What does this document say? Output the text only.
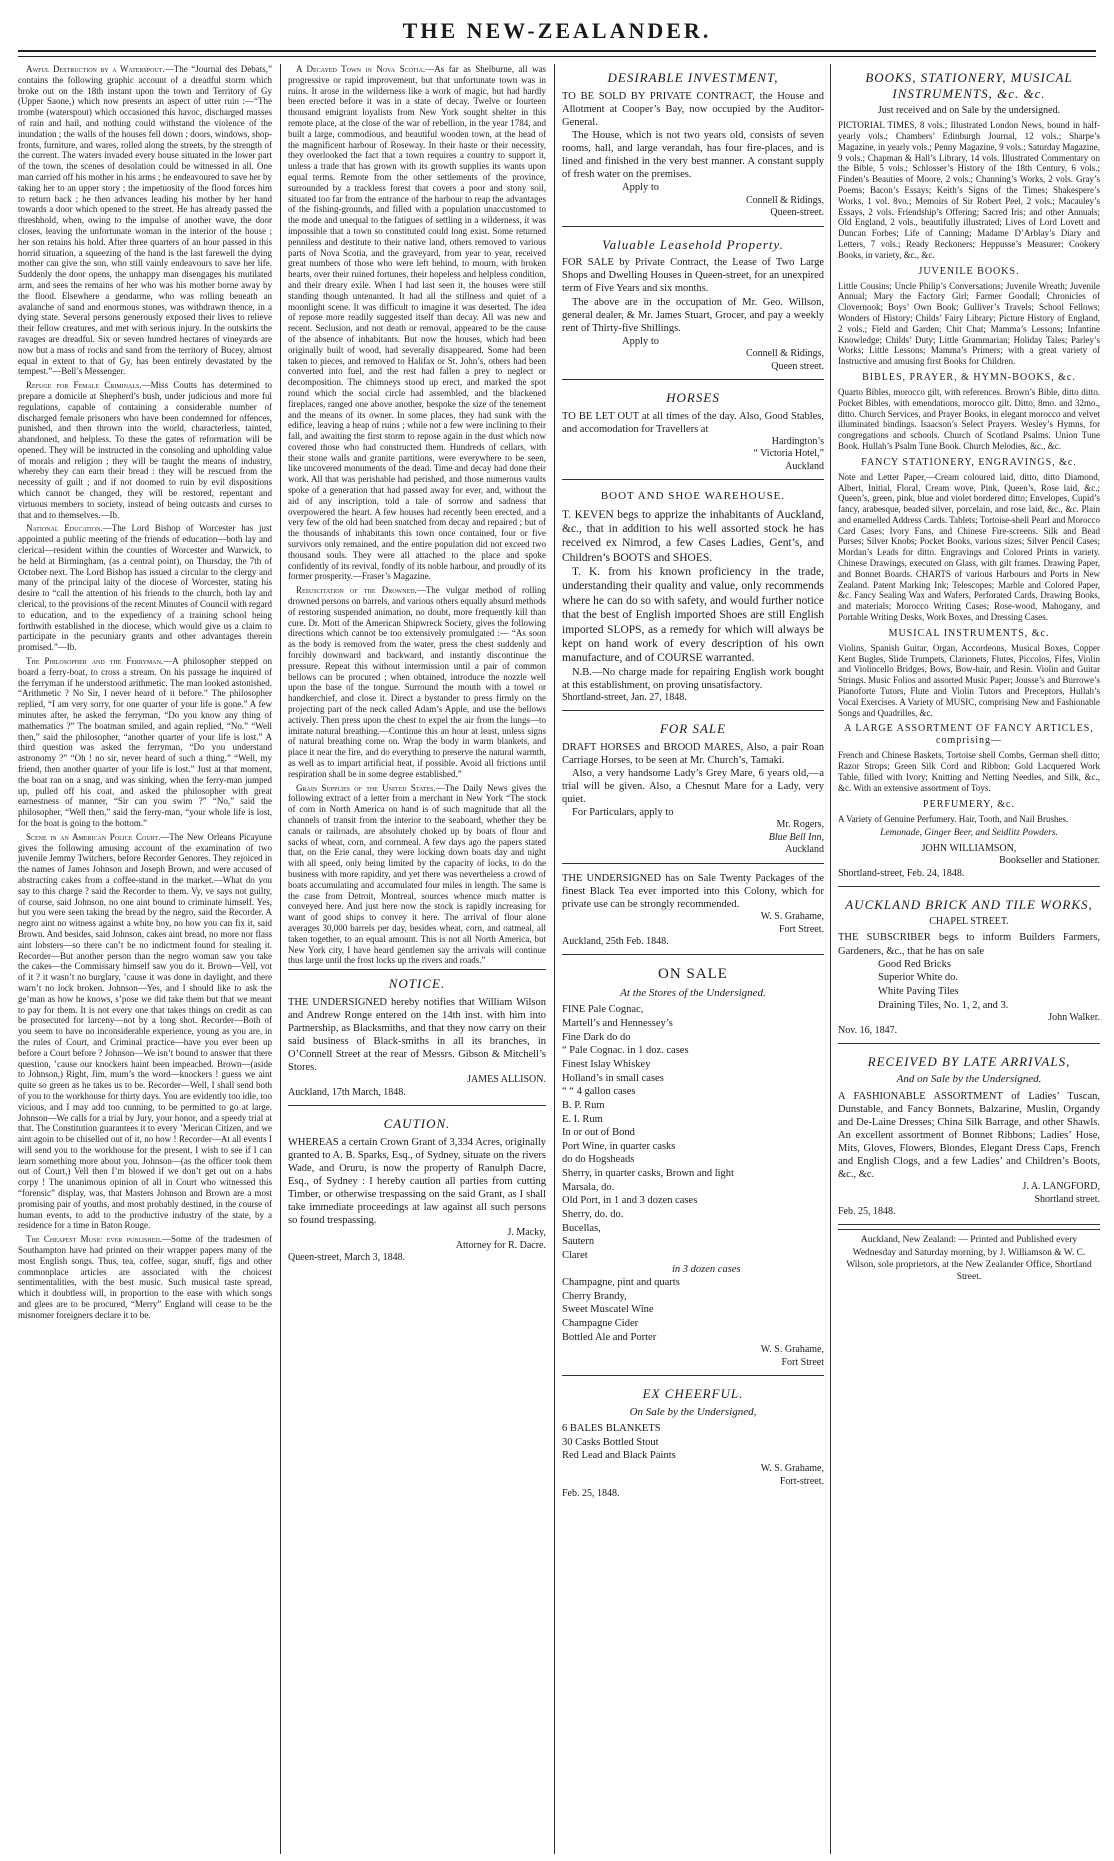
THE NEW-ZEALANDER.

Awful Destruction by a Waterspout.—The “Journal des Debats,” contains the following graphic account of a dreadful storm which broke out on the 18th instant upon the town and Territory of Gy (Upper Saone,) which now presents an aspect of utter ruin :—“The trombe (waterspout) which occasioned this havoc, discharged masses of rain and hail, and nothing could withstand the violence of the inundation ; the walls of the houses fell down ; doors, windows, shop-fronts, furniture, and wares, rolled along the streets, by the strength of the current. The waters invaded every house situated in the lower part of the town, the scenes of desolation could be witnessed in all. One man carried off his mother in his arms ; he endeavoured to save her by taking her to an upper story ; the impetuosity of the flood forces him to return back ; he then advances leading his mother by her hand towards a door which opened to the street. He has already passed the threshhold, when, owing to the impulse of another wave, the door closes, leaving the unfortunate woman in the interior of the house ; her son retains his hold. After three quarters of an hour passed in this horrid situation, a squeezing of the hand is the last farewell the dying mother can give the son, who still vainly endeavours to save her life. Suddenly the door opens, the unhappy man disengages his mutilated arm, and sees the remains of her who was his mother borne away by the flood. Elsewhere a gendarme, who was rolling beneath an avalanche of sand and enormous stones, was withdrawn thence, in a dying state. Several persons generously exposed their lives to relieve their fellow creatures, and met with serious injury. In the outskirts the ravages are dreadful. Six or seven hundred hectares of vineyards are now but a mass of rocks and sand from the territory of Bucey, almost equal in extent to that of Gy, has been entirely devastated by the tempest.”—Bell’s Messenger.

Refuge for Female Criminals.—Miss Coutts has determined to prepare a domicile at Shepherd’s bush, under judicious and more ful regulations, capable of containing a considerable number of discharged female prisoners who have been condemned for offences, punished, and then thrown into the world, characterless, tainted, abandoned, and helpless. To these the gates of reformation will be opened. They will be instructed in the consoling and upholding value of morals and religion ; they will be taught the means of industry, whereby they can earn their bread : they will be rescued from the necessity of guilt ; and if not doomed to ruin by evil dispositions which cannot be changed, they will be restored, repentant and virtuous members to society, instead of being outcasts and curses to that and to themselves.—Ib.

National Education.—The Lord Bishop of Worcester has just appointed a public meeting of the friends of education—both lay and clerical—resident within the counties of Worcester and Warwick, to be held at Birmingham, (as a central point), on Thursday, the 7th of October next. The Lord Bishop has issued a circular to the clergy and many of the principal laity of the diocese of Worcester, stating his desire to “call the attention of his friends to the church, both lay and clerical, to the provisions of the recent Minutes of Council with regard to education, and to the expediency of a training school being forthwith established in the diocese, which would give us a claim to participate in the pecuniary grants and other advantages therein promised.”—Ib.

The Philosopher and the Ferryman.—A philosopher stepped on board a ferry-boat, to cross a stream. On his passage he inquired of the ferryman if he understood arithmetic. The man looked astonished. “Arithmetic ? No Sir, I never heard of it before.” The philosopher replied, “I am very sorry, for one quarter of your life is gone.” A few minutes after, he asked the ferryman, “Do you know any thing of mathematics ?” The boatman smiled, and again replied, “No.” “Well then,” said the philosopher, “another quarter of your life is lost.” A third question was asked the ferryman, “Do you understand astronomy ?” “Oh ! no sir, never heard of such a thing.” “Well, my friend, then another quarter of your life is lost.” Just at that moment, the boat ran on a snag, and was sinking, when the ferry-man jumped up, pulled off his coat, and asked the philosopher with great earnestness of manner, “Sir can you swim ?” “No,” said the philosopher, “Well then,” said the ferry-man, “your whole life is lost, for the boat is going to the bottom.”

Scene in an American Police Court.—The New Orleans Picayune gives the following amusing account of the examination of two juvenile Jemmy Twitchers, before Recorder Genores. They rejoiced in the names of James Johnson and Joseph Brown, and were accused of abstracting cakes from a coffee-stand in the market.—What do you say to this charge ? said the Recorder to them. Vy, ve says not guilty, of course, said Johnson, no one aint bound to criminate himself. Yes, but you were seen taking the bread by the negro, said the Recorder. A negro aint no witness against a white boy, no how you can fix it, said Brown. And besides, said Johnson, cakes aint bread, no more nor flass aint lobsters—so there can’t be no indictment found for stealing it. Recorder—But another person than the negro woman saw you take the cakes—the Commissary himself saw you do it. Brown—Vell, vot of it ? it wasn’t no burglary, ’cause it was done in daylight, and there warn’t no lock broken. Johnson—Yes, and I should like to ask the ge’man as how he knows, s’pose we did take them but that we meant to pay for them. It is not every one that takes things on credit as can be prosecuted for larceny—not by a long shot. Recorder—Both of you seem to have no inconsiderable experience, young as you are, in the rules of Court, and Criminal practice—have you ever been up before a Court before ? Johnson—We isn’t bound to answer that there question, ’cause our knockers haint been impeached. Brown—(aside to Johnson,) Right, Jim, mum’s the word—knockers ! guess we aint quite so green as he takes us to be. Recorder—Well, I shall send both of you to the workhouse for thirty days. You are evidently too idle, too vicious, and I may add too cunning, to be permitted to go at large. Johnson—We calls for a trial by Jury, your honor, and a speedy trial at that. The Constitution guarantees it to every ’Merican Citizen, and we aint agoin to be chiselled out of it, no how ! Recorder—At all events I will send you to the workhouse for the present, I wish to see if I can learn something more about you. Johnson—(as the officer took them out of Court,) Vell then I’m blowed if we don’t get out on a habs corpy ! The unanimous opinion of all in Court who witnessed this “forensic” display, was, that Masters Johnson and Brown are a most promising pair of youths, and most probably destined, in the course of human events, to add to the productive industry of the state, by a residence for a time in Baton Rouge.

The Cheapest Music ever published.—Some of the tradesmen of Southampton have had printed on their wrapper papers many of the most English songs. Thus, tea, coffee, sugar, snuff, figs and other commonplace articles are associated with the choicest sentimentalities, with the best music. Such musical taste spread, which it doubtless will, in proportion to the ease with which songs and glees are to be procured, “Merry” England will cease to be the misnomer foreigners declare it to be.

A Decayed Town in Nova Scotia.—As far as Shelburne, all was progressive or rapid improvement, but that unfortunate town was in ruins. It arose in the wilderness like a work of magic, but had hardly been erected before it was in a state of decay. Twelve or fourteen thousand emigrant loyalists from New York sought shelter in this remote place, at the close of the war of rebellion, in the year 1784, and built a large, commodious, and beautiful wooden town, at the head of the magnificent harbour of Roseway. In their haste or their necessity, they overlooked the fact that a town requires a country to support it, unless a trade that has grown with its growth supplies its wants upon equal terms. Remote from the other settlements of the province, surrounded by a trackless forest that covers a poor and stony soil, situated too far from the entrance of the harbour to reap the advantages of the fishing-grounds, and filled with a population unaccustomed to the mode and unequal to the fatigues of settling in a wilderness, it was impossible that a town so constituted could long exist. Some returned penniless and destitute to their native land, others removed to various parts of Nova Scotia, and the graveyard, from year to year, received great numbers of those who were left behind, to mourn, with broken hearts, over their ruined fortunes, their hopeless and helpless condition, and their dreary exile. When I had last seen it, the houses were still standing though untenanted. It had all the stillness and quiet of a moonlight scene. It was difficult to imagine it was deserted. The idea of repose more readily suggested itself than decay. All was new and recent. Seclusion, and not death or removal, appeared to be the cause of the absence of inhabitants. But now the houses, which had been originally built of wood, had severally disappeared. Some had been taken to pieces, and removed to Halifax or St. John’s, others had been converted into fuel, and the rest had fallen a prey to neglect or decomposition. The chimneys stood up erect, and marked the spot round which the social circle had assembled, and the blackened fireplaces, ranged one above another, bespoke the size of the tenement and the means of its owner. In some places, they had sunk with the edifice, leaving a heap of ruins ; while not a few were inclining to their fall, and awaiting the first storm to repose again in the dust which now covered those who had constructed them. Hundreds of cellars, with their stone walls and granite partitions, were everywhere to be seen, like uncovered monuments of the dead. Time and decay had done their work. All that was perishable had perished, and those numerous vaults spoke of a generation that had passed away for ever, and, without the aid of any inscription, told a tale of sorrow and sadness that overpowered the heart. A few houses had recently been erected, and a very few of the old had been snatched from decay and repaired ; but of the thousands of inhabitants this town once contained, four or five survivors only remained, and the entire population did not exceed two thousand souls. They were all attached to the place and spoke confidently of its revival, fondly of its noble harbour, and proudly of its former prosperity.—Fraser’s Magazine.

Resuscitation of the Drowned.—The vulgar method of rolling drowned persons on barrels, and various others equally absurd methods of restoring suspended animation, no doubt, more frequently kill than cure. Dr. Mott of the American Shipwreck Society, gives the following directions which cannot be too extensively promulgated :— “As soon as the body is removed from the water, press the chest suddenly and forcibly downward and backward, and instantly discontinue the pressure. Repeat this without intermission until a pair of common bellows can be procured ; when obtained, introduce the nozzle well upon the base of the tongue. Surround the mouth with a towel or handkerchief, and close it. Direct a bystander to press firmly on the projecting part of the neck called Adam’s Apple, and use the bellows actively. Then press upon the chest to expel the air from the lungs—to imitate natural breathing.—Continue this an hour at least, unless signs of natural breathing come on. Wrap the body in warm blankets, and place it near the fire, and do everything to preserve the natural warmth, as well as to impart artificial heat, if possible. Avoid all frictions until respiration shall be in some degree established.”

Grain Supplies of the United States.—The Daily News gives the following extract of a letter from a merchant in New York “The stock of corn in North America on hand is of such magnitude that all the channels of transit from the interior to the seaboard, whether they be canals or railroads, are absolutely choked up by boats of flour and sacks of wheat, corn, and cornmeal. A few days ago the papers stated that, on the Erie canal, they were locking down boats day and night with all speed, only being limited by the capacity of locks, to do the business with more rapidity, and yet there was nevertheless a crowd of boats accumulating and accumulated four miles in length. The same is the case from Detroit, Montreal, sources whence much matter is conveyed here. And just here now the stock is rapidly increasing for want of good ships to convey it here. The arrival of flour alone averages 30,000 barrels per day, besides wheat, corn, and oatmeal, all taken together, to an equal amount. This is not all North America, but New York city, I have heard gentlemen say the arrivals will continue thus large until the frost locks up the rivers and roads.”

NOTICE.
THE UNDERSIGNED hereby notifies that William Wilson and Andrew Ronge entered on the 14th inst. with him into Partnership, as Blacksmiths, and that they now carry on their said business of Black-smiths in all its branches, in O’Connell Street at the rear of Messrs. Gibson & Mitchell’s Stores.
JAMES ALLISON.
Auckland, 17th March, 1848.
CAUTION.
WHEREAS a certain Crown Grant of 3,334 Acres, originally granted to A. B. Sparks, Esq., of Sydney, situate on the rivers Wade, and Oruru, is now the property of Ranulph Dacre, Esq., of Sydney : I hereby caution all parties from cutting Timber, or otherwise trespassing on the said Grant, as I shall take immediate proceedings at law against all such persons so found trespassing.
J. Macky,
Attorney for R. Dacre.
Queen-street, March 3, 1848.
DESIRABLE INVESTMENT,
TO BE SOLD BY PRIVATE CONTRACT, the House and Allotment at Cooper’s Bay, now occupied by the Auditor-General.
The House, which is not two years old, consists of seven rooms, hall, and large verandah, has four fire-places, and is lined and finished in the very best manner. A constant supply of fresh water on the premises.
Apply to
Connell & Ridings,
Queen-street.
Valuable Leasehold Property.
FOR SALE by Private Contract, the Lease of Two Large Shops and Dwelling Houses in Queen-street, for an unexpired term of Five Years and six months.
The above are in the occupation of Mr. Geo. Willson, general dealer, & Mr. James Stuart, Grocer, and pay a weekly rent of Thirty-five Shillings.
Apply to
Connell & Ridings,
Queen street.
HORSES
TO BE LET OUT at all times of the day. Also, Good Stables, and accomodation for Travellers at
Hardington’s
“ Victoria Hotel,”
Auckland
BOOT AND SHOE WAREHOUSE.
T. KEVEN begs to apprize the inhabitants of Auckland, &c., that in addition to his well assorted stock he has received ex Nimrod, a few Cases Ladies, Gent’s, and Children’s BOOTS and SHOES.
T. K. from his known proficiency in the trade, understanding their quality and value, only recommends where he can do so with safety, and would further notice that the best of English imported Shoes are still English imported SLOPS, as a remedy for which will always be kept on hand work of every description of his own manufacture, and of COURSE warranted.
N.B.—No charge made for repairing English work bought at this establishment, on proving unsatisfactory.
Shortland-street, Jan. 27, 1848.
FOR SALE
DRAFT HORSES and BROOD MARES, Also, a pair Roan Carriage Horses, to be seen at Mr. Church’s, Tamaki.
Also, a very handsome Lady’s Grey Mare, 6 years old,—a trial will be given. Also, a Chesnut Mare for a Lady, very quiet.
For Particulars, apply to
Mr. Rogers,
Blue Bell Inn,
Auckland
THE UNDERSIGNED has on Sale Twenty Packages of the finest Black Tea ever imported into this Colony, which for private use can be strongly recommended.
W. S. Grahame,
Fort Street.
Auckland, 25th Feb. 1848.
ON SALE
At the Stores of the Undersigned.
FINE Pale Cognac,
Martell’s and Hennessey’s
Fine Dark do do
“ Pale Cognac. in 1 doz. cases
Finest Islay Whiskey
Holland’s in small cases
“ “ 4 gallon cases
B. P. Rum
E. I. Rum
In or out of Bond
Port Wine, in quarter casks
do do Hogsheads
Sherry, in quarter casks, Brown and light
Marsala, do.
Old Port, in 1 and 3 dozen cases
Sherry, do. do.
Bucellas,
Sautern
Claret
in 3 dozen cases
Champagne, pint and quarts
Cherry Brandy,
Sweet Muscatel Wine
Champagne Cider
Bottled Ale and Porter
W. S. Grahame,
Fort Street
EX CHEERFUL.
On Sale by the Undersigned,
6 BALES BLANKETS
30 Casks Bottled Stout
Red Lead and Black Paints
W. S. Grahame,
Fort-street.
Feb. 25, 1848.
BOOKS, STATIONERY, MUSICAL INSTRUMENTS, &c. &c.
Just received and on Sale by the undersigned.
PICTORIAL TIMES, 8 vols.; Illustrated London News, bound in half-yearly vols.; Chambers’ Edinburgh Journal, 12 vols.; Sharpe’s Magazine, in yearly vols.; Penny Magazine, 9 vols.; Saturday Magazine, 9 vols.; Chapman & Hall’s Library, 14 vols. Illustrated Commentary on the Bible, 5 vols.; Schlosser’s History of the 18th Century, 6 vols.; Finden’s Beauties of Moore, 2 vols.; Channing’s Works, 2 vols. Gray’s Poems; Bacon’s Essays; Keith’s Signs of the Times; Shakespere’s Works, 1 vol. 8vo.; Memoirs of Sir Robert Peel, 2 vols.; Macauley’s Essays, 2 vols. Friendship’s Offering; Sacred Iris; and other Annuals; Old England, 2 vols., beautifully illustrated; Lives of Lord Lovett and Duncan Forbes; Life of Canning; Madame D’Arblay’s Diary and Letters, 7 vols.; Ready Reckoners; Heppusse’s Measurer; Cookery Books, in variety, &c., &c.
JUVENILE BOOKS.
Little Cousins; Uncle Philip’s Conversations; Juvenile Wreath; Juvenile Annual; Mary the Factory Girl; Farmer Goodall; Chronicles of Clovernook; Boys’ Own Book; Gulliver’s Travels; School Fellows; Wonders of History; Childs’ Fairy Library; Picture History of England, 2 vols.; Field and Garden; Chit Chat; Mamma’s Lessons; Infantine Knowledge; Childs’ Duty; Little Grammarian; Holiday Tales; Parley’s Works; Little Lessons; Mamma’s Primers; with a great variety of Instructive and amusing first Books for Children.
BIBLES, PRAYER, & HYMN-BOOKS, &c.
Quarto Bibles, morocco gilt, with references. Brown’s Bible, ditto ditto. Pocket Bibles, with emendations, morocco gilt. Ditto, 8mo. and 32mo., ditto. Church Services, and Prayer Books, in elegant morocco and velvet illuminated bindings. Isaacson’s Select Prayers. Wesley’s Hymns, for congregations and schools. Church of Scotland Psalms. Union Tune Book. Hullah’s Psalm Tune Book. Church Melodies, &c., &c.
FANCY STATIONERY, ENGRAVINGS, &c.
Note and Letter Paper,—Cream coloured laid, ditto, ditto Diamond, Albert, Initial, Floral, Cream wove, Pink, Queen’s, Rose laid, &c.; Queen’s, green, pink, blue and violet bordered ditto; Envelopes, Cupid’s fancy, arabesque, beaded silver, porcelain, and rose laid, &c., &c. Plain and enamelled Address Cards. Tablets; Tortoise-shell Pearl and Morocco Card Cases; Ivory Fans, and Chinese Fire-screens. Silk and Bead Purses; Silver Knobs; Pocket Books, various sizes; Silver Pencil Cases; Mordan’s Leads for ditto. Engravings and Colored Prints in variety. Chinese Drawings, executed on Glass, with gilt frames. Drawing Paper, and Bonnet Boards. CHARTS of various Harbours and Ports in New Zealand. Patent Marking Ink; Telescopes; Marble and Colored Paper, &c. Fancy Sealing Wax and Wafers, Perforated Cards, Drawing Books, and materials; Morocco Writing Cases; Rose-wood, Mahogany, and Portable Writing Desks, Work Boxes, and Dressing Cases.
MUSICAL INSTRUMENTS, &c.
Violins, Spanish Guitar, Organ, Accordeons, Musical Boxes, Copper Kent Bugles, Slide Trumpets, Clarionets, Flutes, Piccolos, Fifes, Violin and Violincello Bridges, Bows, Bow-hair, and Resin. Violin and Guitar Strings. Music Folios and assorted Music Paper; Jousse’s and Burrowe’s Pianoforte Tutors, Flute and Violin Tutors and Preceptors, Hullah’s Vocal Exercises. A Variety of MUSIC, comprising New and Fashionable Songs and Quadrilles, &c.
A LARGE ASSORTMENT OF FANCY ARTICLES, comprising—
French and Chinese Baskets, Tortoise shell Combs, German shell ditto; Razor Strops; Green Silk Cord and Ribbon; Gold Lacquered Work Table, filled with Ivory; Knitting and Netting Needles, and Silk, &c., &c. With an extensive assortment of Toys.
PERFUMERY, &c.
A Variety of Genuine Perfumery. Hair, Tooth, and Nail Brushes.
Lemonade, Ginger Beer, and Seidlitz Powders.
JOHN WILLIAMSON,
Bookseller and Stationer.
Shortland-street, Feb. 24, 1848.
AUCKLAND BRICK AND TILE WORKS,
CHAPEL STREET.
THE SUBSCRIBER begs to inform Builders Farmers, Gardeners, &c., that he has on sale
Good Red Bricks
Superior White do.
White Paving Tiles
Draining Tiles, No. 1, 2, and 3.
John Walker.
Nov. 16, 1847.
RECEIVED BY LATE ARRIVALS,
And on Sale by the Undersigned.
A FASHIONABLE ASSORTMENT of Ladies’ Tuscan, Dunstable, and Fancy Bonnets, Balzarine, Muslin, Organdy and De-Laine Dresses; China Silk Barrage, and other Shawls. An excellent assortment of Bonnet Ribbons; Ladies’ Hose, Mits, Gloves, Flowers, Blondes, Elegant Dress Caps, French and English Clogs, and a few Ladies’ and Children’s Boots, &c., &c.
J. A. LANGFORD,
Shortland street.
Feb. 25, 1848.
Auckland, New Zealand: — Printed and Published every Wednesday and Saturday morning, by J. Williamson & W. C. Wilson, sole proprietors, at the New Zealander Office, Shortland Street.
